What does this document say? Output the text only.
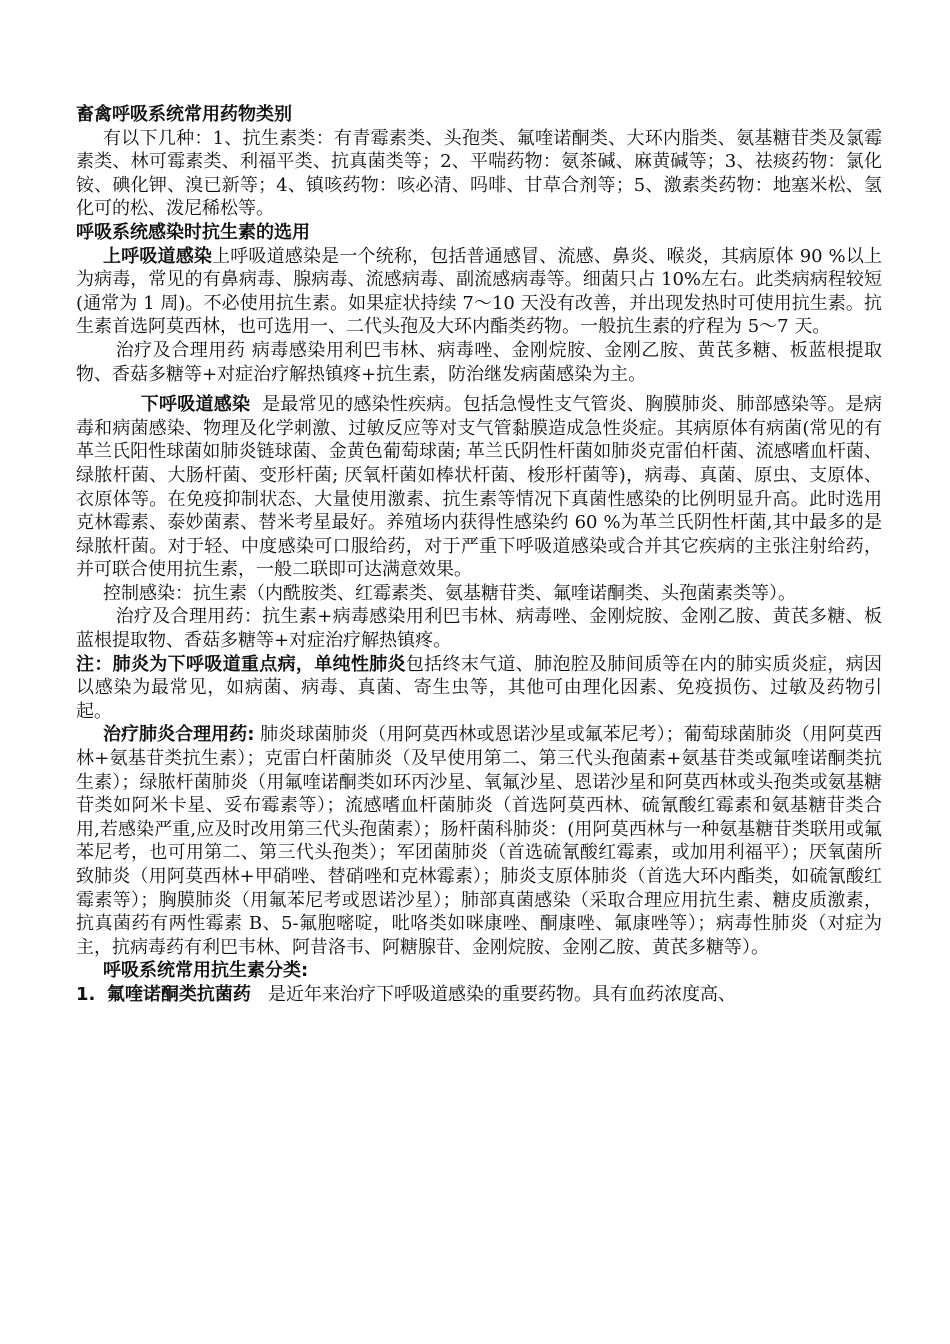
畜禽呼吸系统常用药物类别

有以下几种：1、抗生素类：有青霉素类、头孢类、氟喹诺酮类、大环内脂类、氨基糖苷类及氯霉素类、林可霉素类、利福平类、抗真菌类等；2、平喘药物：氨茶碱、麻黄碱等；3、祛痰药物：氯化铵、碘化钾、溴已新等；4、镇咳药物：咳必清、吗啡、甘草合剂等；5、激素类药物：地塞米松、氢化可的松、泼尼稀松等。

呼吸系统感染时抗生素的选用

上呼吸道感染上呼吸道感染是一个统称，包括普通感冒、流感、鼻炎、喉炎，其病原体 90 %以上为病毒，常见的有鼻病毒、腺病毒、流感病毒、副流感病毒等。细菌只占 10%左右。此类病病程较短(通常为 1 周)。不必使用抗生素。如果症状持续 7～10 天没有改善，并出现发热时可使用抗生素。抗生素首选阿莫西林，也可选用一、二代头孢及大环内酯类药物。一般抗生素的疗程为 5～7 天。

治疗及合理用药 病毒感染用利巴韦林、病毒唑、金刚烷胺、金刚乙胺、黄芪多糖、板蓝根提取物、香菇多糖等+对症治疗解热镇疼+抗生素，防治继发病菌感染为主。

下呼吸道感染 是最常见的感染性疾病。包括急慢性支气管炎、胸膜肺炎、肺部感染等。是病毒和病菌感染、物理及化学刺激、过敏反应等对支气管黏膜造成急性炎症。其病原体有病菌(常见的有革兰氏阳性球菌如肺炎链球菌、金黄色葡萄球菌; 革兰氏阴性杆菌如肺炎克雷伯杆菌、流感嗜血杆菌、绿脓杆菌、大肠杆菌、变形杆菌; 厌氧杆菌如棒状杆菌、梭形杆菌等)，病毒、真菌、原虫、支原体、衣原体等。在免疫抑制状态、大量使用激素、抗生素等情况下真菌性感染的比例明显升高。此时选用克林霉素、泰妙菌素、替米考星最好。养殖场内获得性感染约 60 %为革兰氏阴性杆菌,其中最多的是绿脓杆菌。对于轻、中度感染可口服给药，对于严重下呼吸道感染或合并其它疾病的主张注射给药，并可联合使用抗生素，一般二联即可达满意效果。

控制感染：抗生素（内酰胺类、红霉素类、氨基糖苷类、氟喹诺酮类、头孢菌素类等）。

治疗及合理用药：抗生素+病毒感染用利巴韦林、病毒唑、金刚烷胺、金刚乙胺、黄芪多糖、板蓝根提取物、香菇多糖等+对症治疗解热镇疼。

注：肺炎为下呼吸道重点病，单纯性肺炎包括终末气道、肺泡腔及肺间质等在内的肺实质炎症，病因以感染为最常见，如病菌、病毒、真菌、寄生虫等，其他可由理化因素、免疫损伤、过敏及药物引起。

治疗肺炎合理用药: 肺炎球菌肺炎（用阿莫西林或恩诺沙星或氟苯尼考）；葡萄球菌肺炎（用阿莫西林+氨基苷类抗生素）；克雷白杆菌肺炎（及早使用第二、第三代头孢菌素+氨基苷类或氟喹诺酮类抗生素）；绿脓杆菌肺炎（用氟喹诺酮类如环丙沙星、氧氟沙星、恩诺沙星和阿莫西林或头孢类或氨基糖苷类如阿米卡星、妥布霉素等）；流感嗜血杆菌肺炎（首选阿莫西林、硫氰酸红霉素和氨基糖苷类合用,若感染严重,应及时改用第三代头孢菌素）；肠杆菌科肺炎：(用阿莫西林与一种氨基糖苷类联用或氟苯尼考，也可用第二、第三代头孢类）；军团菌肺炎（首选硫氰酸红霉素，或加用利福平）；厌氧菌所致肺炎（用阿莫西林+甲硝唑、替硝唑和克林霉素）；肺炎支原体肺炎（首选大环内酯类，如硫氰酸红霉素等）；胸膜肺炎（用氟苯尼考或恩诺沙星）；肺部真菌感染（采取合理应用抗生素、糖皮质激素，抗真菌药有两性霉素 B、5-氟胞嘧啶，吡咯类如咪康唑、酮康唑、氟康唑等）；病毒性肺炎（对症为主，抗病毒药有利巴韦林、阿昔洛韦、阿糖腺苷、金刚烷胺、金刚乙胺、黄芪多糖等）。

呼吸系统常用抗生素分类:

1. 氟喹诺酮类抗菌药 是近年来治疗下呼吸道感染的重要药物。具有血药浓度高、
